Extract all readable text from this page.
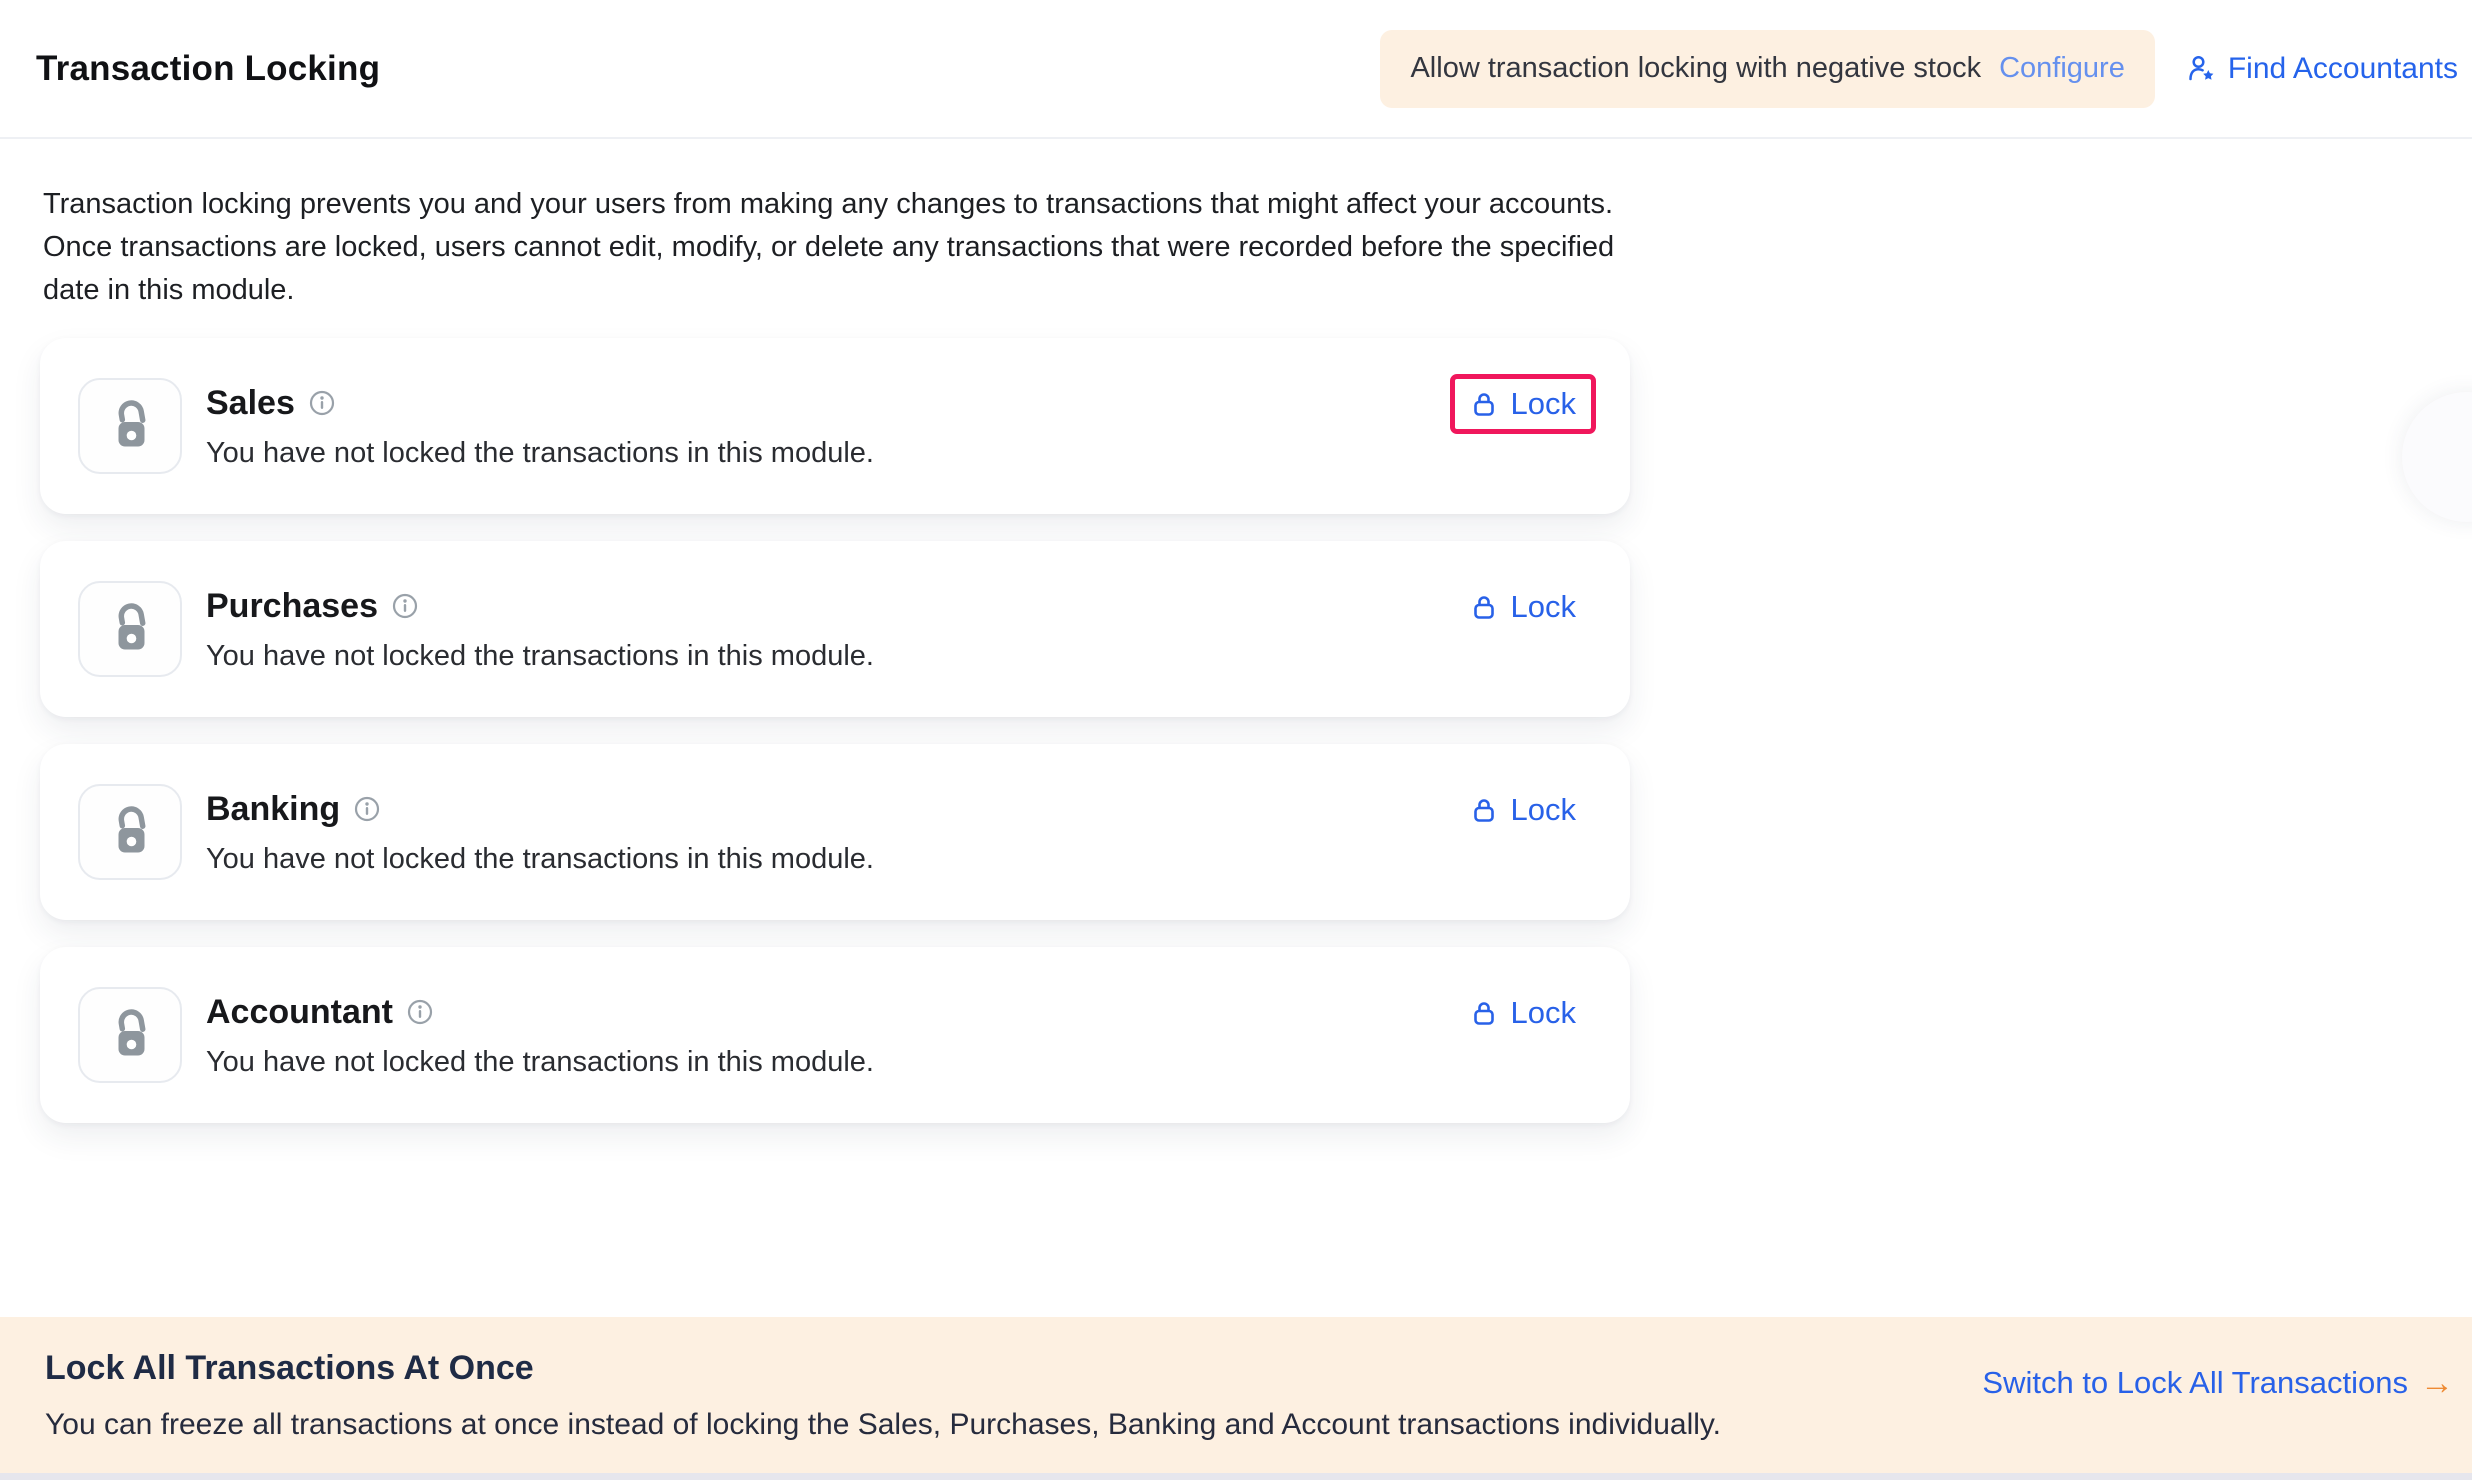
Transaction Locking	Allow transaction locking with negative stock Configure	Find Accountants

Transaction locking prevents you and your users from making any changes to transactions that might affect your accounts. Once transactions are locked, users cannot edit, modify, or delete any transactions that were recorded before the specified date in this module.

Sales
You have not locked the transactions in this module.
Lock
Purchases
You have not locked the transactions in this module.
Lock
Banking
You have not locked the transactions in this module.
Lock
Accountant
You have not locked the transactions in this module.
Lock
Lock All Transactions At Once

You can freeze all transactions at once instead of locking the Sales, Purchases, Banking and Account transactions individually.

Switch to Lock All Transactions →
